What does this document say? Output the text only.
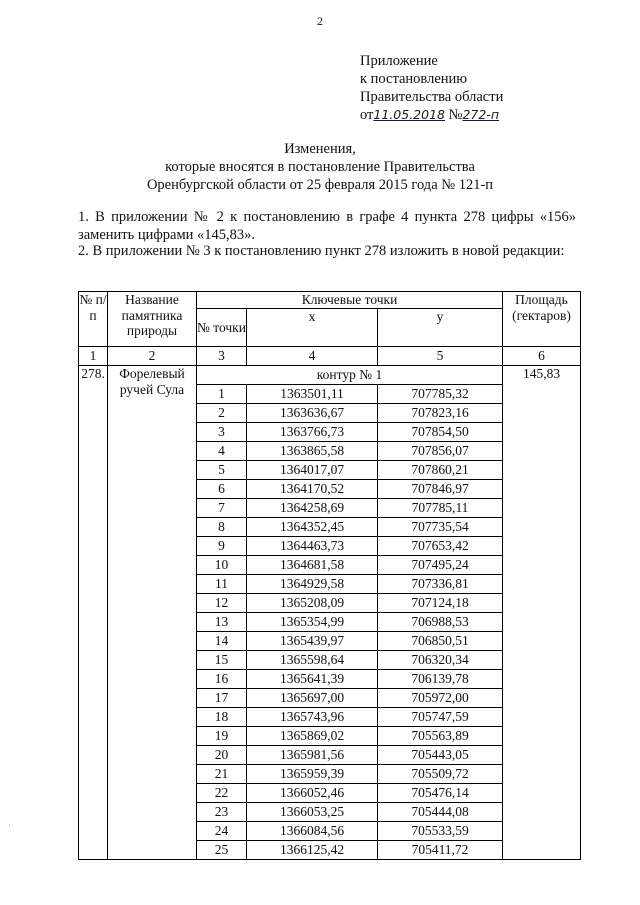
2
Приложение
к постановлению
Правительства области
от11.05.2018 №272-п
Изменения,
которые вносятся в постановление Правительства
Оренбургской области от 25 февраля 2015 года № 121-п
1. В приложении № 2 к постановлению в графе 4 пункта 278 цифры «156» заменить цифрами «145,83».
2. В приложении № 3 к постановлению пункт 278 изложить в новой редакции:
№ п/п	Название памятника природы	Ключевые точки			Площадь (гектаров)
		№ точки	x	y	
1	2	3	4	5	6
278.	Форелевый ручей Сула	контур № 1			145,83
		1	1363501,11	707785,32	
		2	1363636,67	707823,16	
		3	1363766,73	707854,50	
		4	1363865,58	707856,07	
		5	1364017,07	707860,21	
		6	1364170,52	707846,97	
		7	1364258,69	707785,11	
		8	1364352,45	707735,54	
		9	1364463,73	707653,42	
		10	1364681,58	707495,24	
		11	1364929,58	707336,81	
		12	1365208,09	707124,18	
		13	1365354,99	706988,53	
		14	1365439,97	706850,51	
		15	1365598,64	706320,34	
		16	1365641,39	706139,78	
		17	1365697,00	705972,00	
		18	1365743,96	705747,59	
		19	1365869,02	705563,89	
		20	1365981,56	705443,05	
		21	1365959,39	705509,72	
		22	1366052,46	705476,14	
		23	1366053,25	705444,08	
		24	1366084,56	705533,59	
		25	1366125,42	705411,72	
·
